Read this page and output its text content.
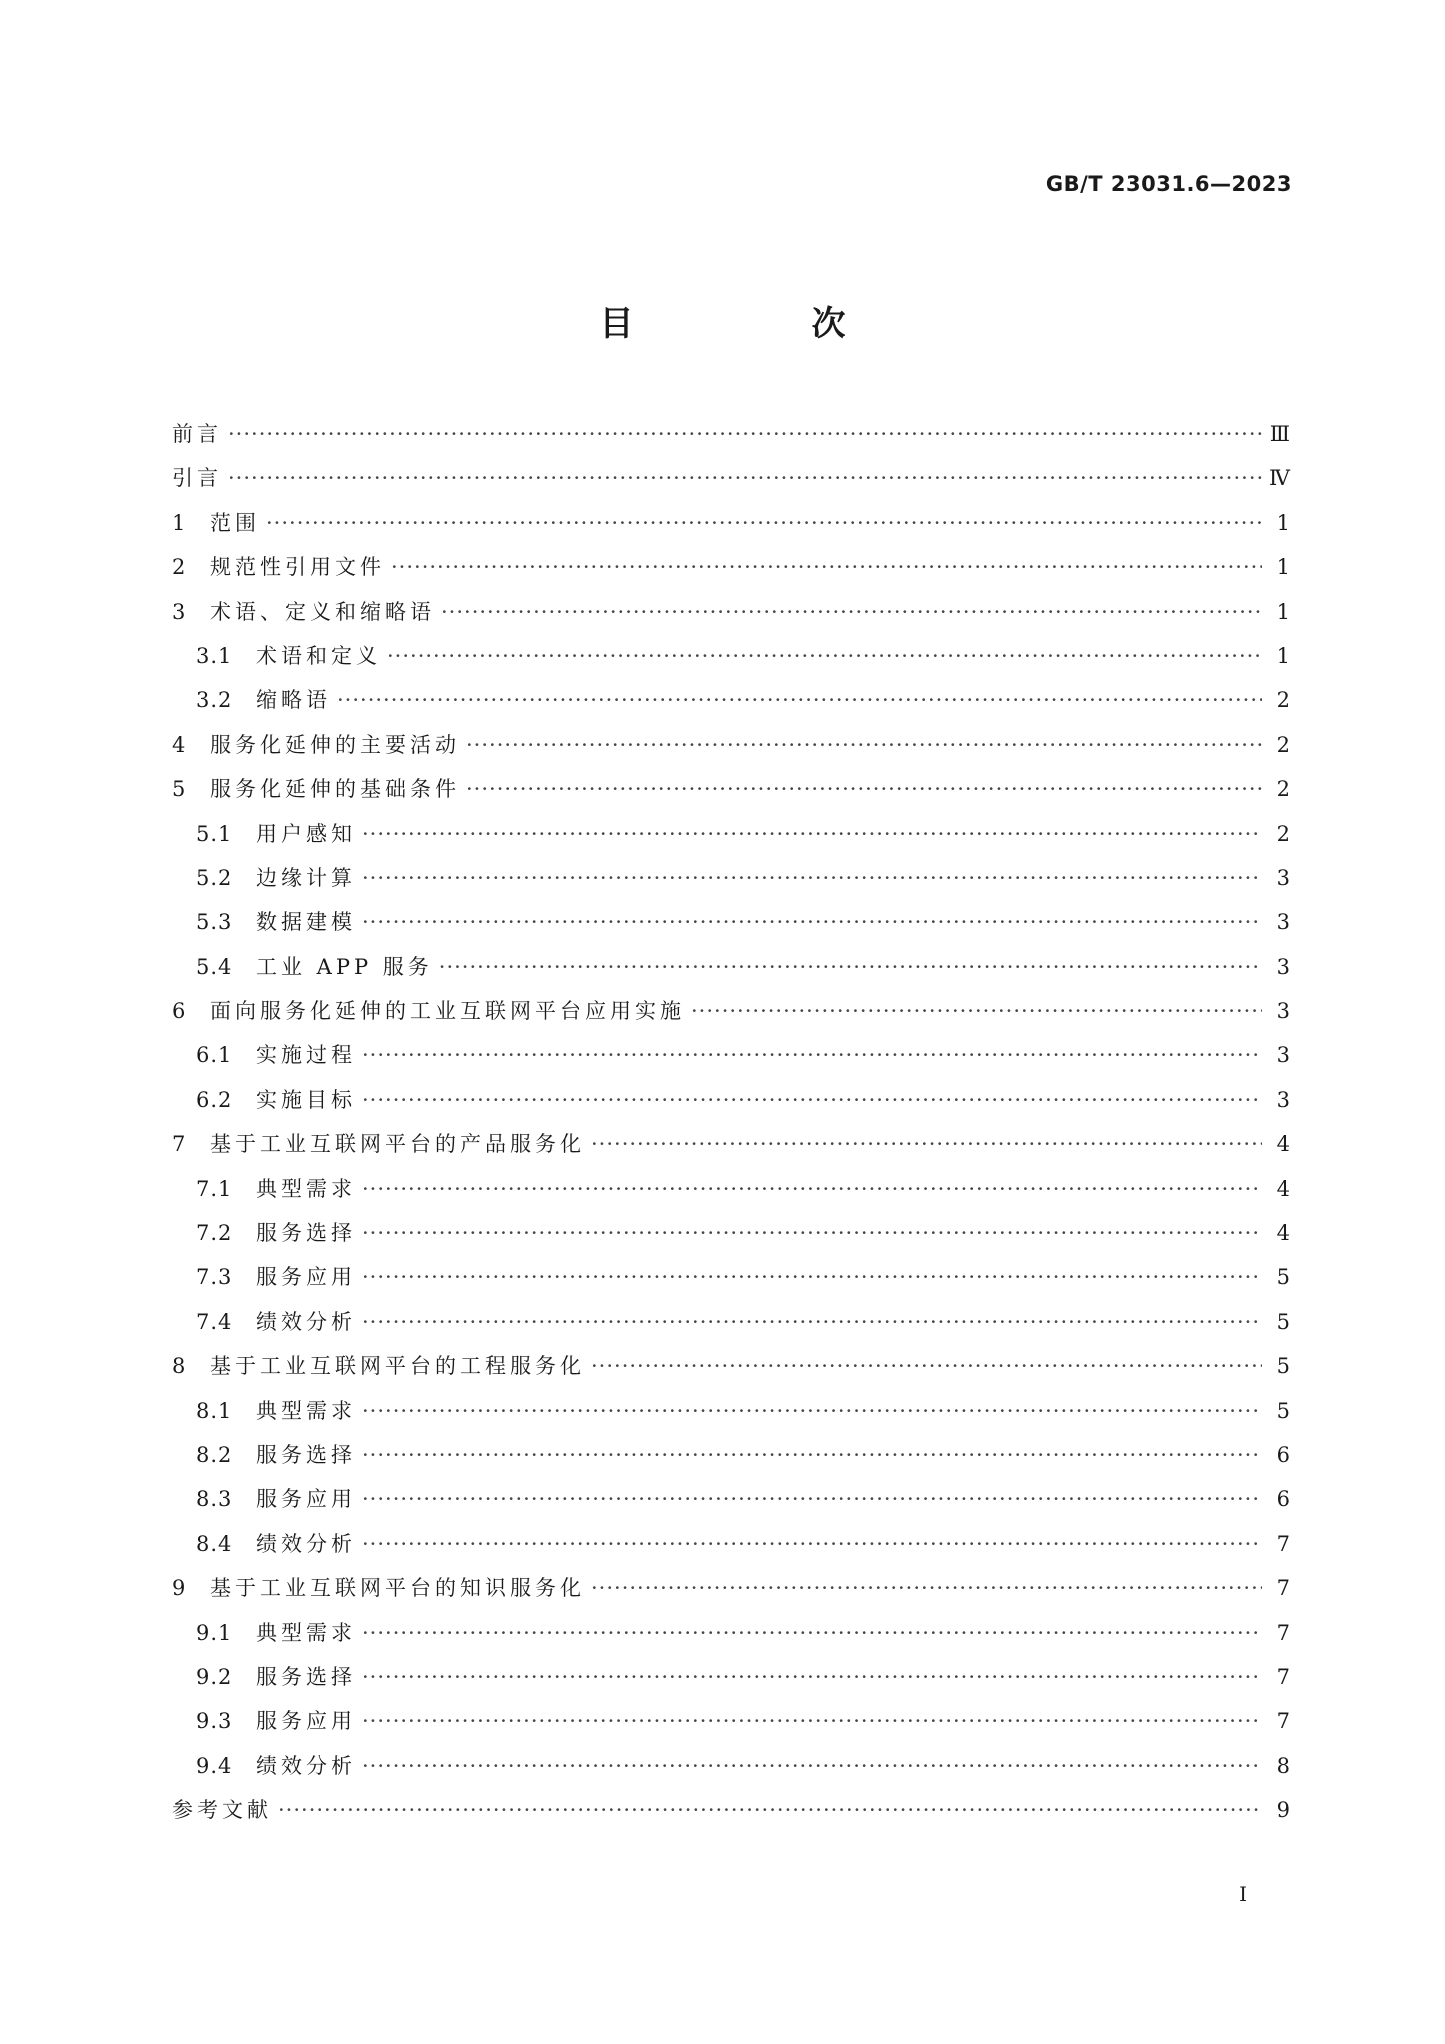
GB/T 23031.6—2023
目　次
前言 ·····	Ⅲ
引言 ·····	Ⅳ
1	范围 ·····	1
2	规范性引用文件 ·····	1
3	术语、定义和缩略语 ·····	1
3.1	术语和定义 ·····	1
3.2	缩略语 ·····	2
4	服务化延伸的主要活动 ·····	2
5	服务化延伸的基础条件 ·····	2
5.1	用户感知 ·····	2
5.2	边缘计算 ·····	3
5.3	数据建模 ·····	3
5.4	工业 APP 服务 ·····	3
6	面向服务化延伸的工业互联网平台应用实施 ·····	3
6.1	实施过程 ·····	3
6.2	实施目标 ·····	3
7	基于工业互联网平台的产品服务化 ·····	4
7.1	典型需求 ·····	4
7.2	服务选择 ·····	4
7.3	服务应用 ·····	5
7.4	绩效分析 ·····	5
8	基于工业互联网平台的工程服务化 ·····	5
8.1	典型需求 ·····	5
8.2	服务选择 ·····	6
8.3	服务应用 ·····	6
8.4	绩效分析 ·····	7
9	基于工业互联网平台的知识服务化 ·····	7
9.1	典型需求 ·····	7
9.2	服务选择 ·····	7
9.3	服务应用 ·····	7
9.4	绩效分析 ·····	8
参考文献 ·····	9
Ⅰ
